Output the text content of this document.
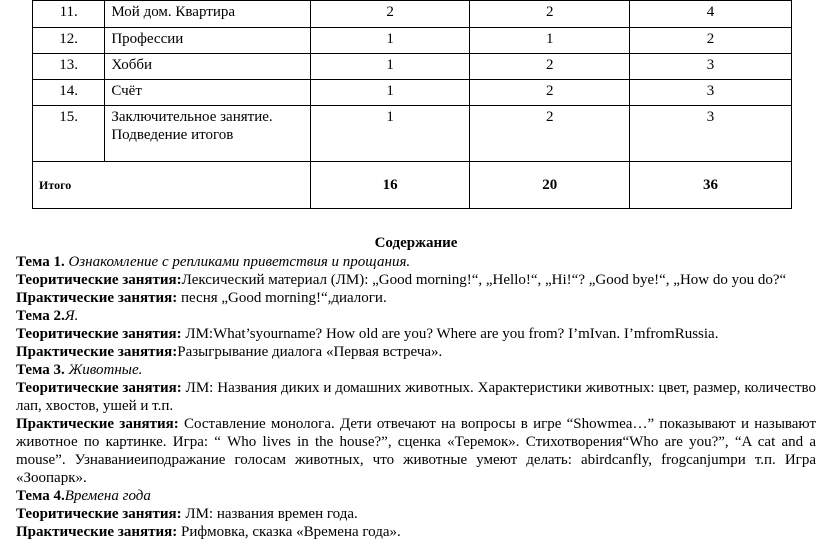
11.	Мой дом. Квартира	2	2	4
12.	Профессии	1	1	2
13.	Хобби	1	2	3
14.	Счёт	1	2	3
15.	Заключительное занятие. Подведение итогов	1	2	3
Итого		16	20	36

Содержание

Тема 1. Ознакомление с репликами приветствия и прощания.

Теоритические занятия:Лексический материал (ЛМ): „Good morning!“, „Hello!“, „Hi!“? „Good bye!“, „How do you do?“

Практические занятия: песня „Good morning!“,диалоги.

Тема 2.Я.

Теоритические занятия: ЛМ:What’syourname? How old are you? Where are you from? I’mIvan. I’mfromRussia.

Практические занятия:Разыгрывание диалога «Первая встреча».

Тема 3. Животные.

Теоритические занятия: ЛМ: Названия диких и домашних животных. Характеристики животных: цвет, размер, количество лап, хвостов, ушей и т.п.

Практические занятия: Составление монолога. Дети отвечают на вопросы в игре “Showmea…” показывают и называют животное по картинке. Игра: “ Who lives in the house?”, сценка «Теремок». Стихотворения“Who are you?”, “A cat and a mouse”. Узнаваниеиподражание голосам животных, что животные умеют делать: abirdcanfly, frogcanjumpи т.п. Игра «Зоопарк».

Тема 4.Времена года

Теоритические занятия: ЛМ: названия времен года.

Практические занятия: Рифмовка, сказка «Времена года».
